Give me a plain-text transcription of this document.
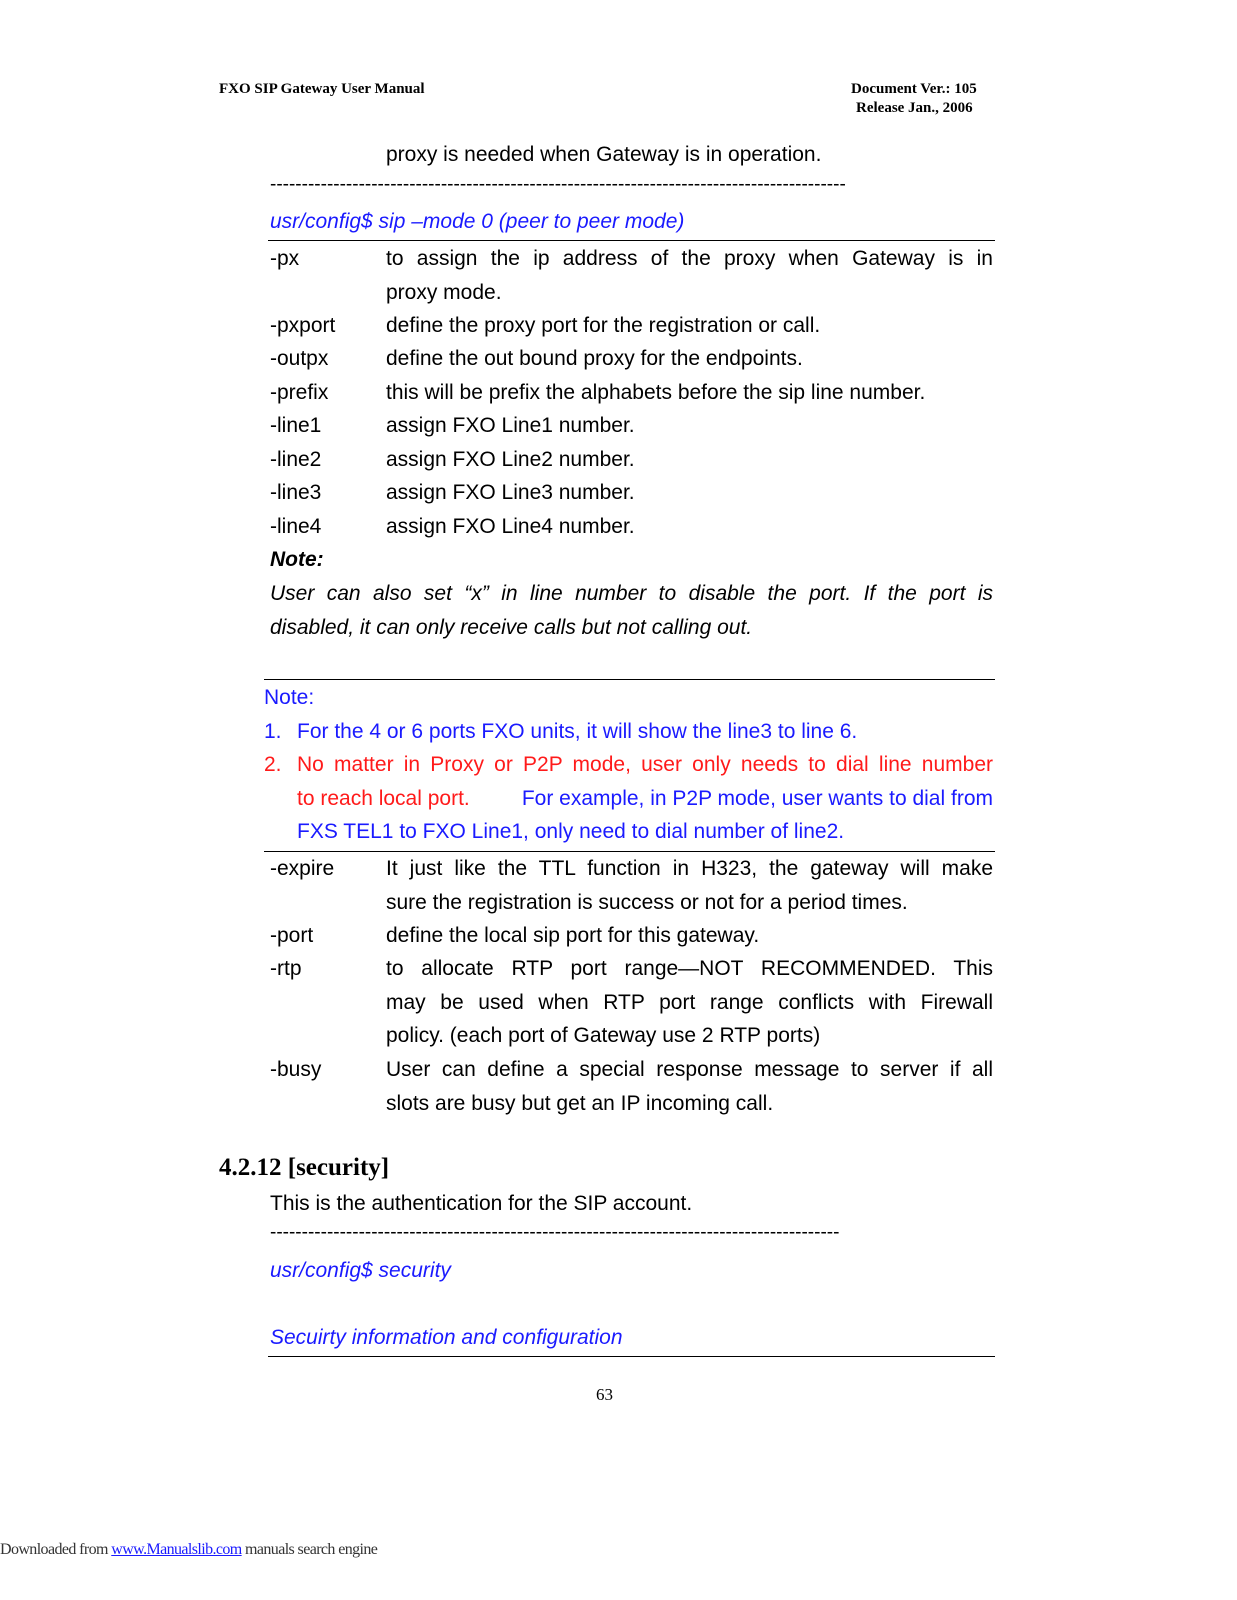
FXO SIP Gateway User Manual	Document Ver.: 105
Release Jan., 2006
proxy is needed when Gateway is in operation.
-------------------------------------------------------------------------------------------
usr/config$ sip –mode 0 (peer to peer mode)
-px	to assign the ip address of the proxy when Gateway is in
proxy mode.
-pxport define the proxy port for the registration or call.
-outpx	define the out bound proxy for the endpoints.
-prefix	this will be prefix the alphabets before the sip line number.
-line1	assign FXO Line1 number.
-line2	assign FXO Line2 number.
-line3	assign FXO Line3 number.
-line4	assign FXO Line4 number.
Note:
User can also set “x” in line number to disable the port. If the port is
disabled, it can only receive calls but not calling out.
Note:
1. For the 4 or 6 ports FXO units, it will show the line3 to line 6.
2. No matter in Proxy or P2P mode, user only needs to dial line number
to reach local port. For example, in P2P mode, user wants to dial from
FXS TEL1 to FXO Line1, only need to dial number of line2.
-expire It just like the TTL function in H323, the gateway will make
sure the registration is success or not for a period times.
-port	define the local sip port for this gateway.
-rtp	to allocate RTP port range—NOT RECOMMENDED. This
may be used when RTP port range conflicts with Firewall
policy. (each port of Gateway use 2 RTP ports)
-busy	User can define a special response message to server if all
slots are busy but get an IP incoming call.
4.2.12 [security]
This is the authentication for the SIP account.
------------------------------------------------------------------------------------------
usr/config$ security
Secuirty information and configuration
63
Downloaded from www.Manualslib.com manuals search engine
